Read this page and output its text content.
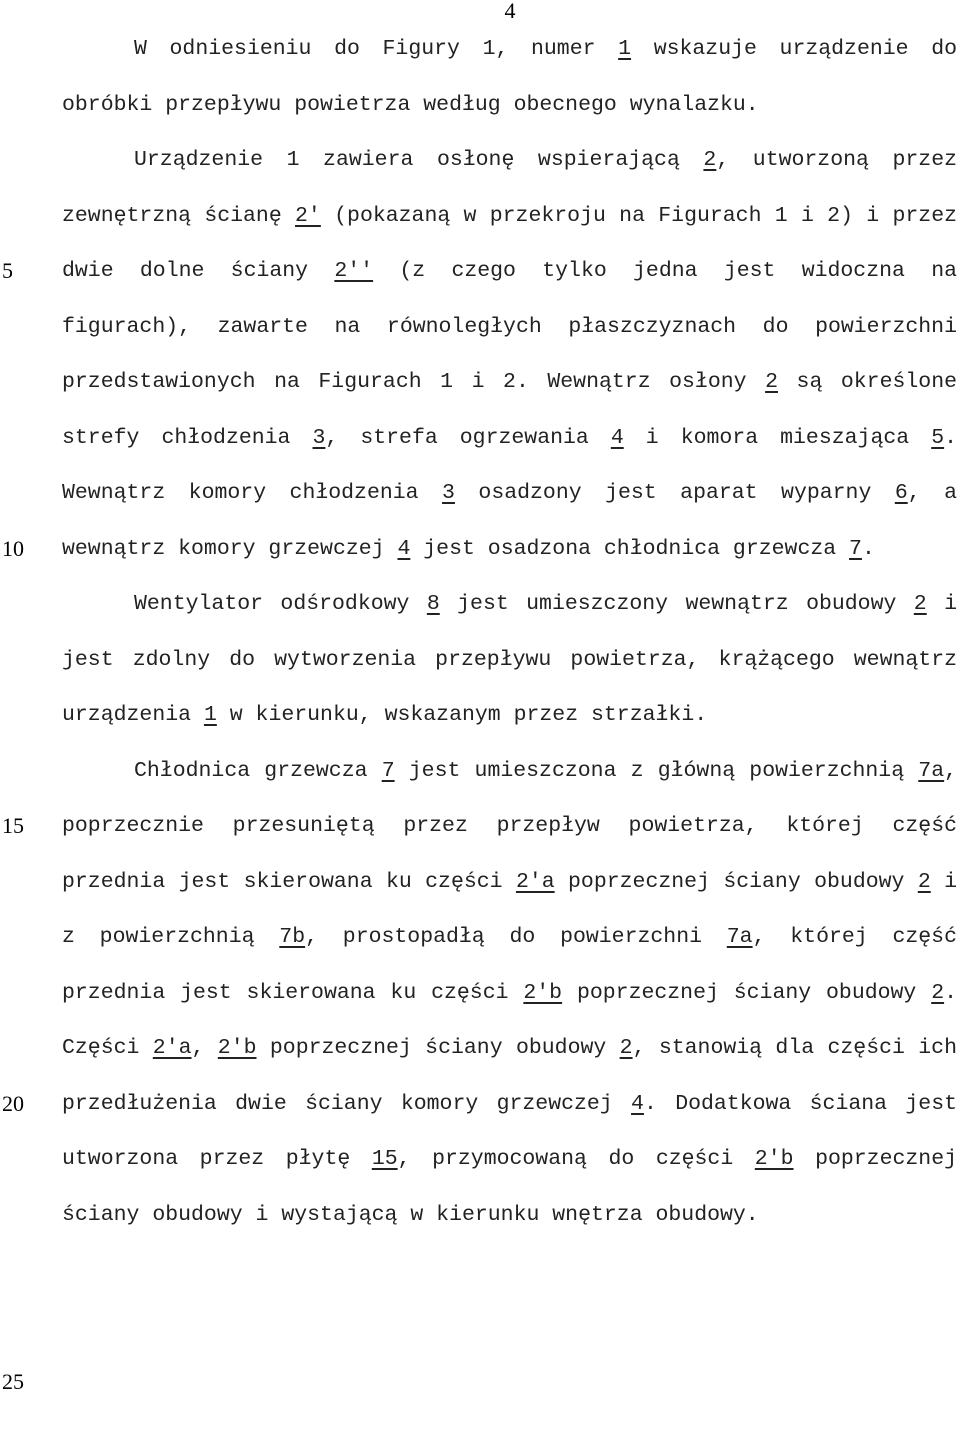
4
5
10
15
20
25

W odniesieniu do Figury 1, numer 1 wskazuje urządzenie do obróbki przepływu powietrza według obecnego wynalazku.

Urządzenie 1 zawiera osłonę wspierającą 2, utworzoną przez zewnętrzną ścianę 2′ (pokazaną w przekroju na Figurach 1 i 2) i przez dwie dolne ściany 2′′ (z czego tylko jedna jest widoczna na figurach), zawarte na równoległych płaszczyznach do powierzchni przedstawionych na Figurach 1 i 2. Wewnątrz osłony 2 są określone strefy chłodzenia 3, strefa ogrzewania 4 i komora mieszająca 5. Wewnątrz komory chłodzenia 3 osadzony jest aparat wyparny 6, a wewnątrz komory grzewczej 4 jest osadzona chłodnica grzewcza 7.

Wentylator odśrodkowy 8 jest umieszczony wewnątrz obudowy 2 i jest zdolny do wytworzenia przepływu powietrza, krążącego wewnątrz urządzenia 1 w kierunku, wskazanym przez strzałki.

Chłodnica grzewcza 7 jest umieszczona z główną powierzchnią 7a, poprzecznie przesuniętą przez przepływ powietrza, której część przednia jest skierowana ku części 2′a poprzecznej ściany obudowy 2 i z powierzchnią 7b, prostopadłą do powierzchni 7a, której część przednia jest skierowana ku części 2′b poprzecznej ściany obudowy 2. Części 2′a, 2′b poprzecznej ściany obudowy 2, stanowią dla części ich przedłużenia dwie ściany komory grzewczej 4. Dodatkowa ściana jest utworzona przez płytę 15, przymocowaną do części 2′b poprzecznej ściany obudowy i wystającą w kierunku wnętrza obudowy.
